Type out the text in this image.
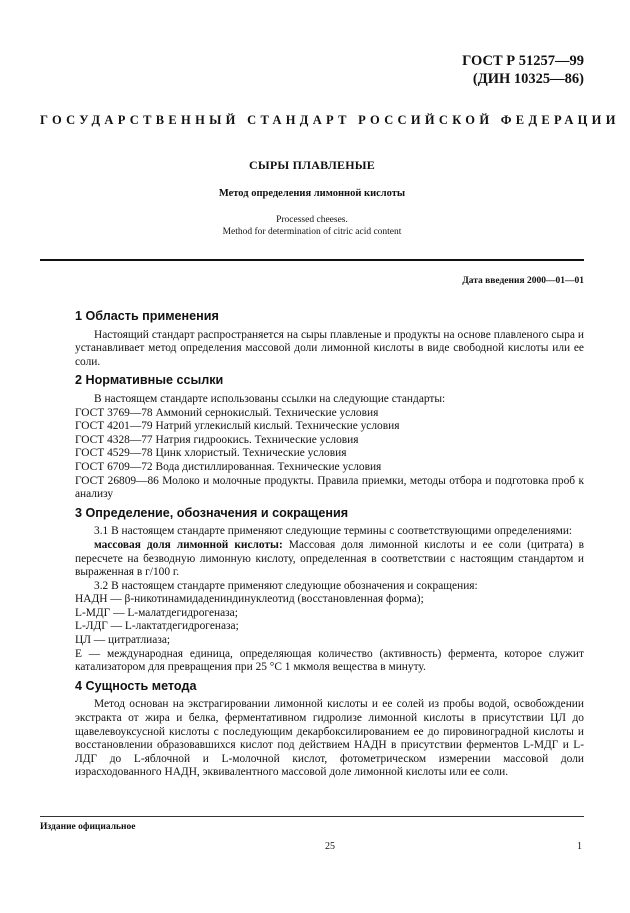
ГОСТ Р 51257—99
(ДИН 10325—86)
ГОСУДАРСТВЕННЫЙ СТАНДАРТ РОССИЙСКОЙ ФЕДЕРАЦИИ
СЫРЫ ПЛАВЛЕНЫЕ
Метод определения лимонной кислоты
Processed cheeses.
Method for determination of citric acid content
Дата введения 2000—01—01
1 Область применения

Настоящий стандарт распространяется на сыры плавленые и продукты на основе плавленого сыра и устанавливает метод определения массовой доли лимонной кислоты в виде свободной кислоты или ее соли.

2 Нормативные ссылки

В настоящем стандарте использованы ссылки на следующие стандарты:

ГОСТ 3769—78 Аммоний сернокислый. Технические условия

ГОСТ 4201—79 Натрий углекислый кислый. Технические условия

ГОСТ 4328—77 Натрия гидроокись. Технические условия

ГОСТ 4529—78 Цинк хлористый. Технические условия

ГОСТ 6709—72 Вода дистиллированная. Технические условия

ГОСТ 26809—86 Молоко и молочные продукты. Правила приемки, методы отбора и подготовка проб к анализу

3 Определение, обозначения и сокращения

3.1 В настоящем стандарте применяют следующие термины с соответствующими определениями:

массовая доля лимонной кислоты: Массовая доля лимонной кислоты и ее соли (цитрата) в пересчете на безводную лимонную кислоту, определенная в соответствии с настоящим стандартом и выраженная в г/100 г.

3.2 В настоящем стандарте применяют следующие обозначения и сокращения:

НАДН — β-никотинамидадениндинуклеотид (восстановленная форма);

L-МДГ — L-малатдегидрогеназа;

L-ЛДГ — L-лактатдегидрогеназа;

ЦЛ — цитратлиаза;

Е — международная единица, определяющая количество (активность) фермента, которое служит катализатором для превращения при 25 °С 1 мкмоля вещества в минуту.

4 Сущность метода

Метод основан на экстрагировании лимонной кислоты и ее солей из пробы водой, освобождении экстракта от жира и белка, ферментативном гидролизе лимонной кислоты в присутствии ЦЛ до щавелевоуксусной кислоты с последующим декарбоксилированием ее до пировиноградной кислоты и восстановлении образовавшихся кислот под действием НАДН в присутствии ферментов L-МДГ и L-ЛДГ до L-яблочной и L-молочной кислот, фотометрическом измерении массовой доли израсходованного НАДН, эквивалентного массовой доле лимонной кислоты или ее соли.

Издание официальное
25	1
